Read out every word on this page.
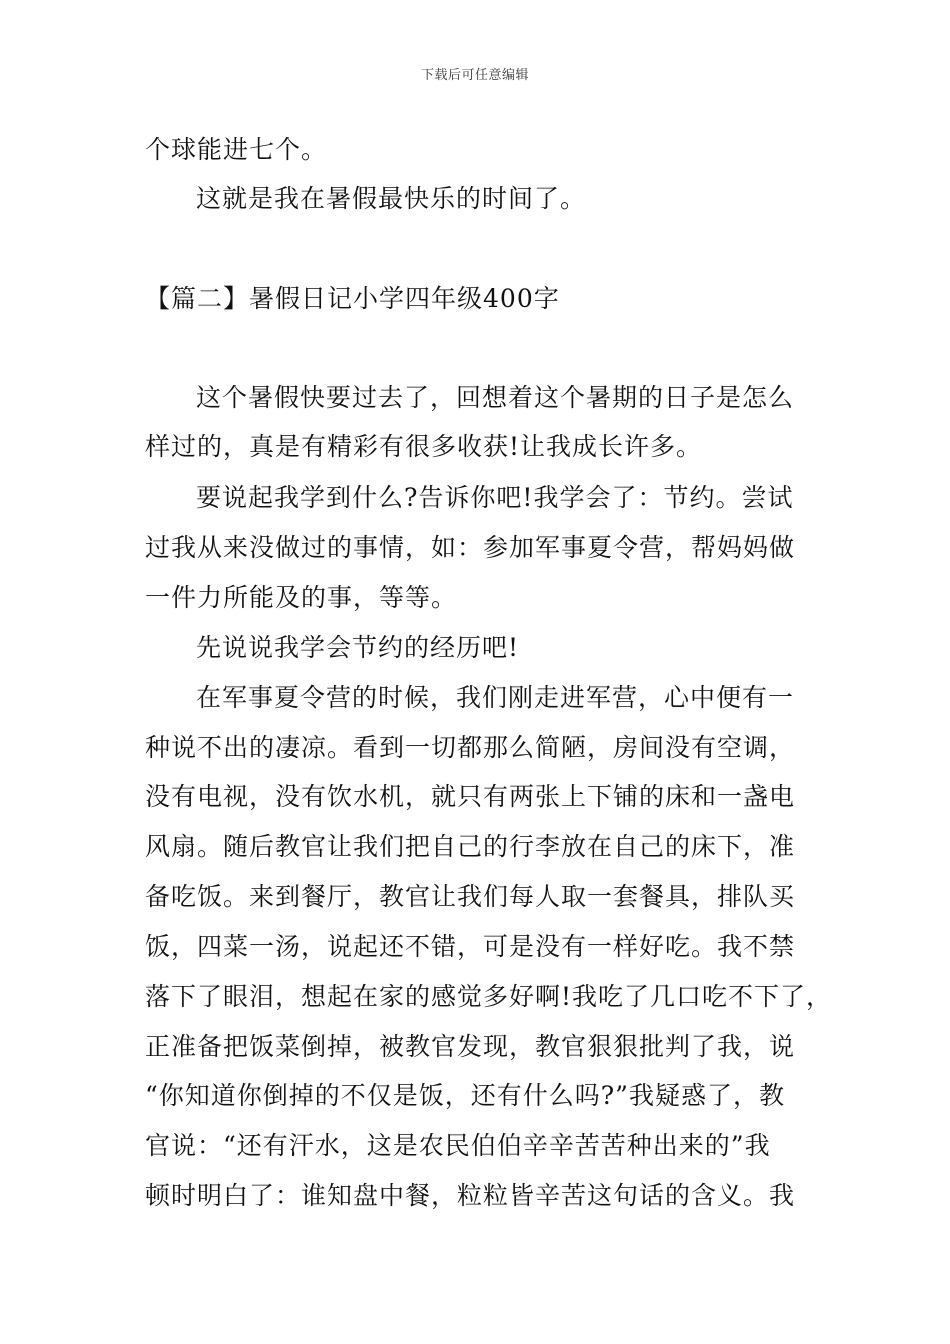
下载后可任意编辑
个球能进七个。
这就是我在暑假最快乐的时间了。
【篇二】暑假日记小学四年级400字
这个暑假快要过去了，回想着这个暑期的日子是怎么
样过的，真是有精彩有很多收获!让我成长许多。
要说起我学到什么?告诉你吧!我学会了：节约。尝试
过我从来没做过的事情，如：参加军事夏令营，帮妈妈做
一件力所能及的事，等等。
先说说我学会节约的经历吧!
在军事夏令营的时候，我们刚走进军营，心中便有一
种说不出的凄凉。看到一切都那么简陋，房间没有空调，
没有电视，没有饮水机，就只有两张上下铺的床和一盏电
风扇。随后教官让我们把自己的行李放在自己的床下，准
备吃饭。来到餐厅，教官让我们每人取一套餐具，排队买
饭，四菜一汤，说起还不错，可是没有一样好吃。我不禁
落下了眼泪，想起在家的感觉多好啊!我吃了几口吃不下了，
正准备把饭菜倒掉，被教官发现，教官狠狠批判了我，说
“你知道你倒掉的不仅是饭，还有什么吗?”我疑惑了，教
官说：“还有汗水，这是农民伯伯辛辛苦苦种出来的”我
顿时明白了：谁知盘中餐，粒粒皆辛苦这句话的含义。我
